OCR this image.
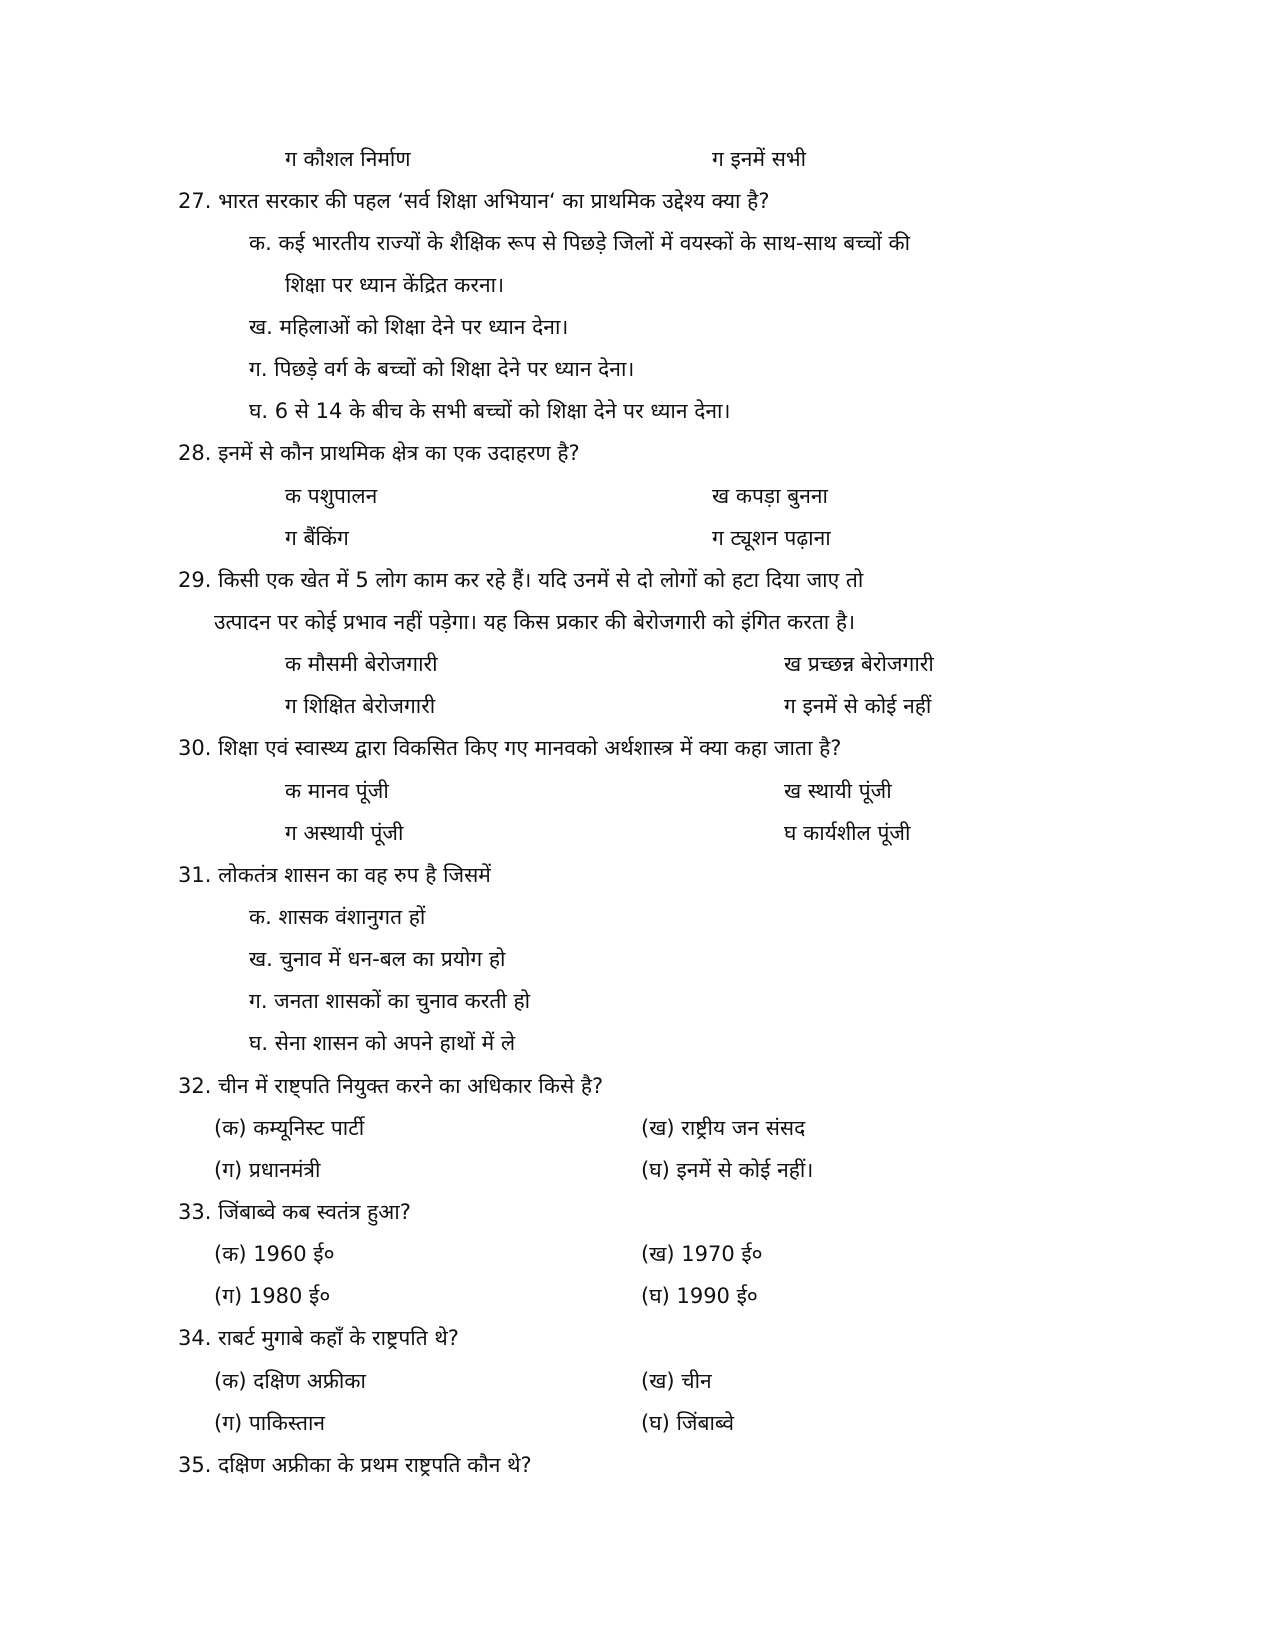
ग कौशल निर्माण	ग इनमें सभी
27. भारत सरकार की पहल ‘सर्व शिक्षा अभियान‘ का प्राथमिक उद्देश्य क्या है?
क. कई भारतीय राज्यों के शैक्षिक रूप से पिछड़े जिलों में वयस्कों के साथ-साथ बच्चों की
शिक्षा पर ध्यान केंद्रित करना।
ख. महिलाओं को शिक्षा देने पर ध्यान देना।
ग. पिछड़े वर्ग के बच्चों को शिक्षा देने पर ध्यान देना।
घ. 6 से 14 के बीच के सभी बच्चों को शिक्षा देने पर ध्यान देना।
28. इनमें से कौन प्राथमिक क्षेत्र का एक उदाहरण है?
क पशुपालन	ख कपड़ा बुनना
ग बैंकिंग	ग ट्यूशन पढ़ाना
29. किसी एक खेत में 5 लोग काम कर रहे हैं। यदि उनमें से दो लोगों को हटा दिया जाए तो
उत्पादन पर कोई प्रभाव नहीं पड़ेगा। यह किस प्रकार की बेरोजगारी को इंगित करता है।
क मौसमी बेरोजगारी	ख प्रच्छन्न बेरोजगारी
ग शिक्षित बेरोजगारी	ग इनमें से कोई नहीं
30. शिक्षा एवं स्वास्थ्य द्वारा विकसित किए गए मानवको अर्थशास्त्र में क्या कहा जाता है?
क मानव पूंजी	ख स्थायी पूंजी
ग अस्थायी पूंजी	घ कार्यशील पूंजी
31. लोकतंत्र शासन का वह रुप है जिसमें
क. शासक वंशानुगत हों
ख. चुनाव में धन-बल का प्रयोग हो
ग. जनता शासकों का चुनाव करती हो
घ. सेना शासन को अपने हाथों में ले
32. चीन में राष्ट्पति नियुक्त करने का अधिकार किसे है?
(क) कम्यूनिस्ट पार्टी	(ख) राष्ट्रीय जन संसद
(ग) प्रधानमंत्री	(घ) इनमें से कोई नहीं।
33. जिंबाब्वे कब स्वतंत्र हुआ?
(क) 1960 ई०	(ख) 1970 ई०
(ग) 1980 ई०	(घ) 1990 ई०
34. राबर्ट मुगाबे कहाँ के राष्ट्रपति थे?
(क) दक्षिण अफ्रीका	(ख) चीन
(ग) पाकिस्तान	(घ) जिंबाब्वे
35. दक्षिण अफ्रीका के प्रथम राष्ट्रपति कौन थे?
